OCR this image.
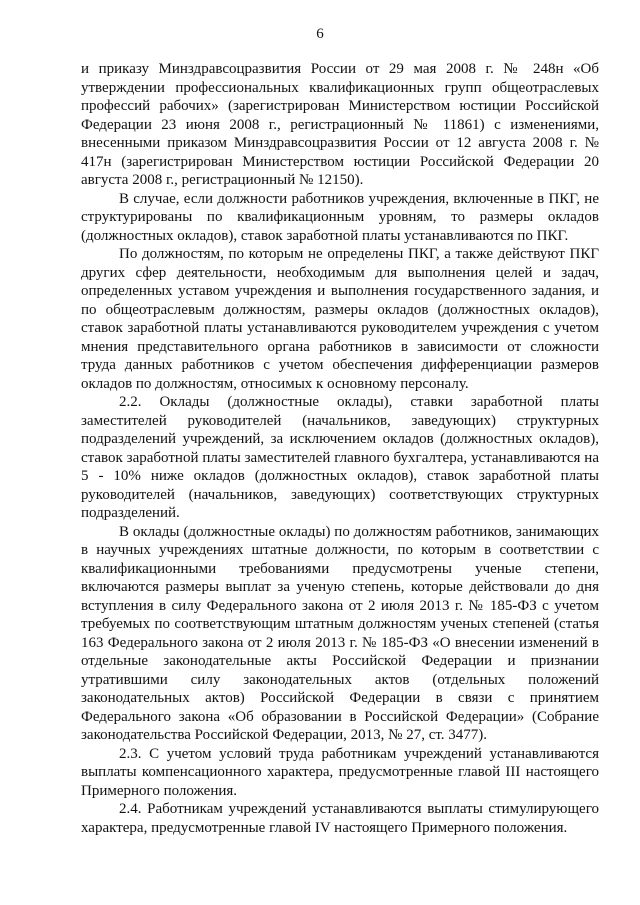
6

и приказу Минздравсоцразвития России от 29 мая 2008 г. № 248н «Об утверждении профессиональных квалификационных групп общеотраслевых профессий рабочих» (зарегистрирован Министерством юстиции Российской Федерации 23 июня 2008 г., регистрационный № 11861) с изменениями, внесенными приказом Минздравсоцразвития России от 12 августа 2008 г. № 417н (зарегистрирован Министерством юстиции Российской Федерации 20 августа 2008 г., регистрационный № 12150).

В случае, если должности работников учреждения, включенные в ПКГ, не структурированы по квалификационным уровням, то размеры окладов (должностных окладов), ставок заработной платы устанавливаются по ПКГ.

По должностям, по которым не определены ПКГ, а также действуют ПКГ других сфер деятельности, необходимым для выполнения целей и задач, определенных уставом учреждения и выполнения государственного задания, и по общеотраслевым должностям, размеры окладов (должностных окладов), ставок заработной платы устанавливаются руководителем учреждения с учетом мнения представительного органа работников в зависимости от сложности труда данных работников с учетом обеспечения дифференциации размеров окладов по должностям, относимых к основному персоналу.

2.2. Оклады (должностные оклады), ставки заработной платы заместителей руководителей (начальников, заведующих) структурных подразделений учреждений, за исключением окладов (должностных окладов), ставок заработной платы заместителей главного бухгалтера, устанавливаются на 5 - 10% ниже окладов (должностных окладов), ставок заработной платы руководителей (начальников, заведующих) соответствующих структурных подразделений.

В оклады (должностные оклады) по должностям работников, занимающих в научных учреждениях штатные должности, по которым в соответствии с квалификационными требованиями предусмотрены ученые степени, включаются размеры выплат за ученую степень, которые действовали до дня вступления в силу Федерального закона от 2 июля 2013 г. № 185-ФЗ с учетом требуемых по соответствующим штатным должностям ученых степеней (статья 163 Федерального закона от 2 июля 2013 г. № 185-ФЗ «О внесении изменений в отдельные законодательные акты Российской Федерации и признании утратившими силу законодательных актов (отдельных положений законодательных актов) Российской Федерации в связи с принятием Федерального закона «Об образовании в Российской Федерации» (Собрание законодательства Российской Федерации, 2013, № 27, ст. 3477).

2.3. С учетом условий труда работникам учреждений устанавливаются выплаты компенсационного характера, предусмотренные главой III настоящего Примерного положения.

2.4. Работникам учреждений устанавливаются выплаты стимулирующего характера, предусмотренные главой IV настоящего Примерного положения.
